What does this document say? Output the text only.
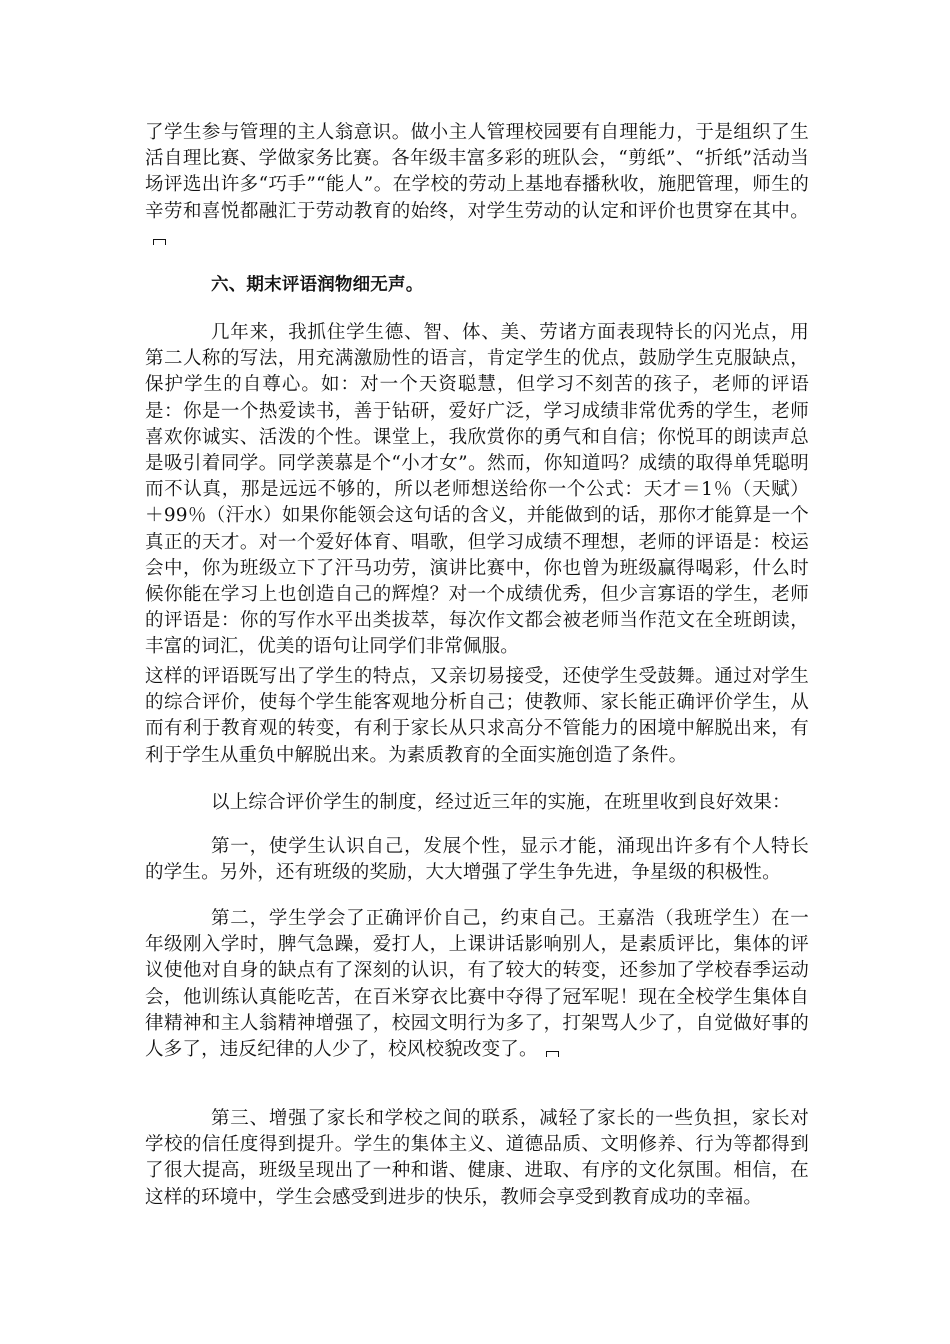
了学生参与管理的主人翁意识。做小主人管理校园要有自理能力，于是组织了生活自理比赛、学做家务比赛。各年级丰富多彩的班队会，“剪纸”、“折纸”活动当场评选出许多“巧手”“能人”。在学校的劳动上基地春播秋收，施肥管理，师生的辛劳和喜悦都融汇于劳动教育的始终，对学生劳动的认定和评价也贯穿在其中。

六、期末评语润物细无声。

几年来，我抓住学生德、智、体、美、劳诸方面表现特长的闪光点，用第二人称的写法，用充满激励性的语言，肯定学生的优点，鼓励学生克服缺点，保护学生的自尊心。如：对一个天资聪慧，但学习不刻苦的孩子，老师的评语是：你是一个热爱读书，善于钻研，爱好广泛，学习成绩非常优秀的学生，老师喜欢你诚实、活泼的个性。课堂上，我欣赏你的勇气和自信；你悦耳的朗读声总是吸引着同学。同学羡慕是个“小才女”。然而，你知道吗？成绩的取得单凭聪明而不认真，那是远远不够的，所以老师想送给你一个公式：天才＝1％（天赋）＋99％（汗水）如果你能领会这句话的含义，并能做到的话，那你才能算是一个真正的天才。对一个爱好体育、唱歌，但学习成绩不理想，老师的评语是：校运会中，你为班级立下了汗马功劳，演讲比赛中，你也曾为班级赢得喝彩，什么时候你能在学习上也创造自己的辉煌？对一个成绩优秀，但少言寡语的学生，老师的评语是：你的写作水平出类拔萃，每次作文都会被老师当作范文在全班朗读，丰富的词汇，优美的语句让同学们非常佩服。

这样的评语既写出了学生的特点，又亲切易接受，还使学生受鼓舞。通过对学生的综合评价，使每个学生能客观地分析自己；使教师、家长能正确评价学生，从而有利于教育观的转变，有利于家长从只求高分不管能力的困境中解脱出来，有利于学生从重负中解脱出来。为素质教育的全面实施创造了条件。

以上综合评价学生的制度，经过近三年的实施，在班里收到良好效果：

第一，使学生认识自己，发展个性，显示才能，涌现出许多有个人特长的学生。另外，还有班级的奖励，大大增强了学生争先进，争星级的积极性。

第二，学生学会了正确评价自己，约束自己。王嘉浩（我班学生）在一年级刚入学时，脾气急躁，爱打人，上课讲话影响别人，是素质评比，集体的评议使他对自身的缺点有了深刻的认识，有了较大的转变，还参加了学校春季运动会，他训练认真能吃苦，在百米穿衣比赛中夺得了冠军呢！现在全校学生集体自律精神和主人翁精神增强了，校园文明行为多了，打架骂人少了，自觉做好事的人多了，违反纪律的人少了，校风校貌改变了。

第三、增强了家长和学校之间的联系，减轻了家长的一些负担，家长对学校的信任度得到提升。学生的集体主义、道德品质、文明修养、行为等都得到了很大提高，班级呈现出了一种和谐、健康、进取、有序的文化氛围。相信，在这样的环境中，学生会感受到进步的快乐，教师会享受到教育成功的幸福。
